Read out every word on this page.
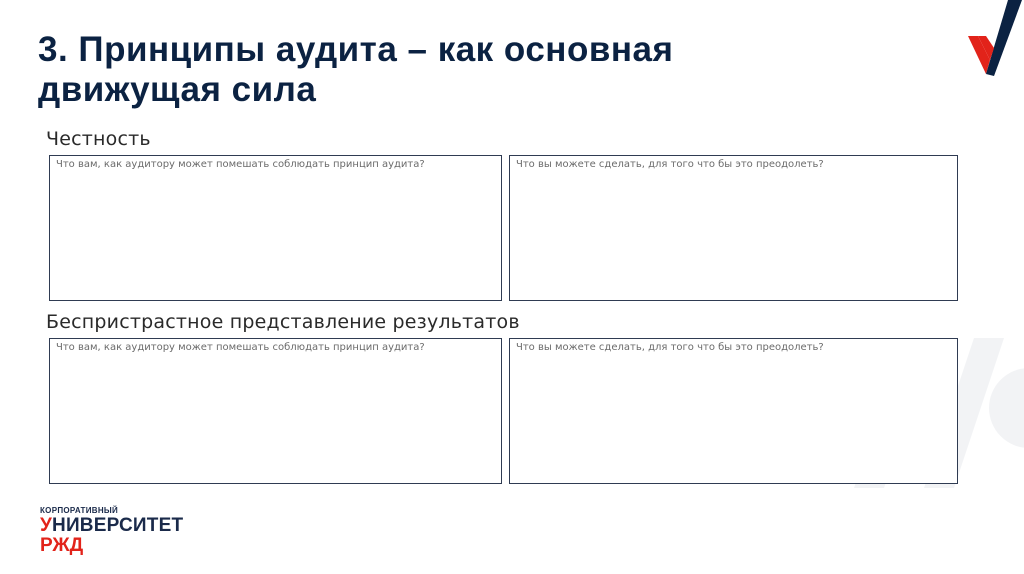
3. Принципы аудита – как основная
движущая сила
Честность
Что вам, как аудитору может помешать соблюдать принцип аудита?	Что вы можете сделать, для того что бы это преодолеть?
Беспристрастное представление результатов
Что вам, как аудитору может помешать соблюдать принцип аудита?	Что вы можете сделать, для того что бы это преодолеть?
КОРПОРАТИВНЫЙ
УНИВЕРСИТЕТ
РЖД
